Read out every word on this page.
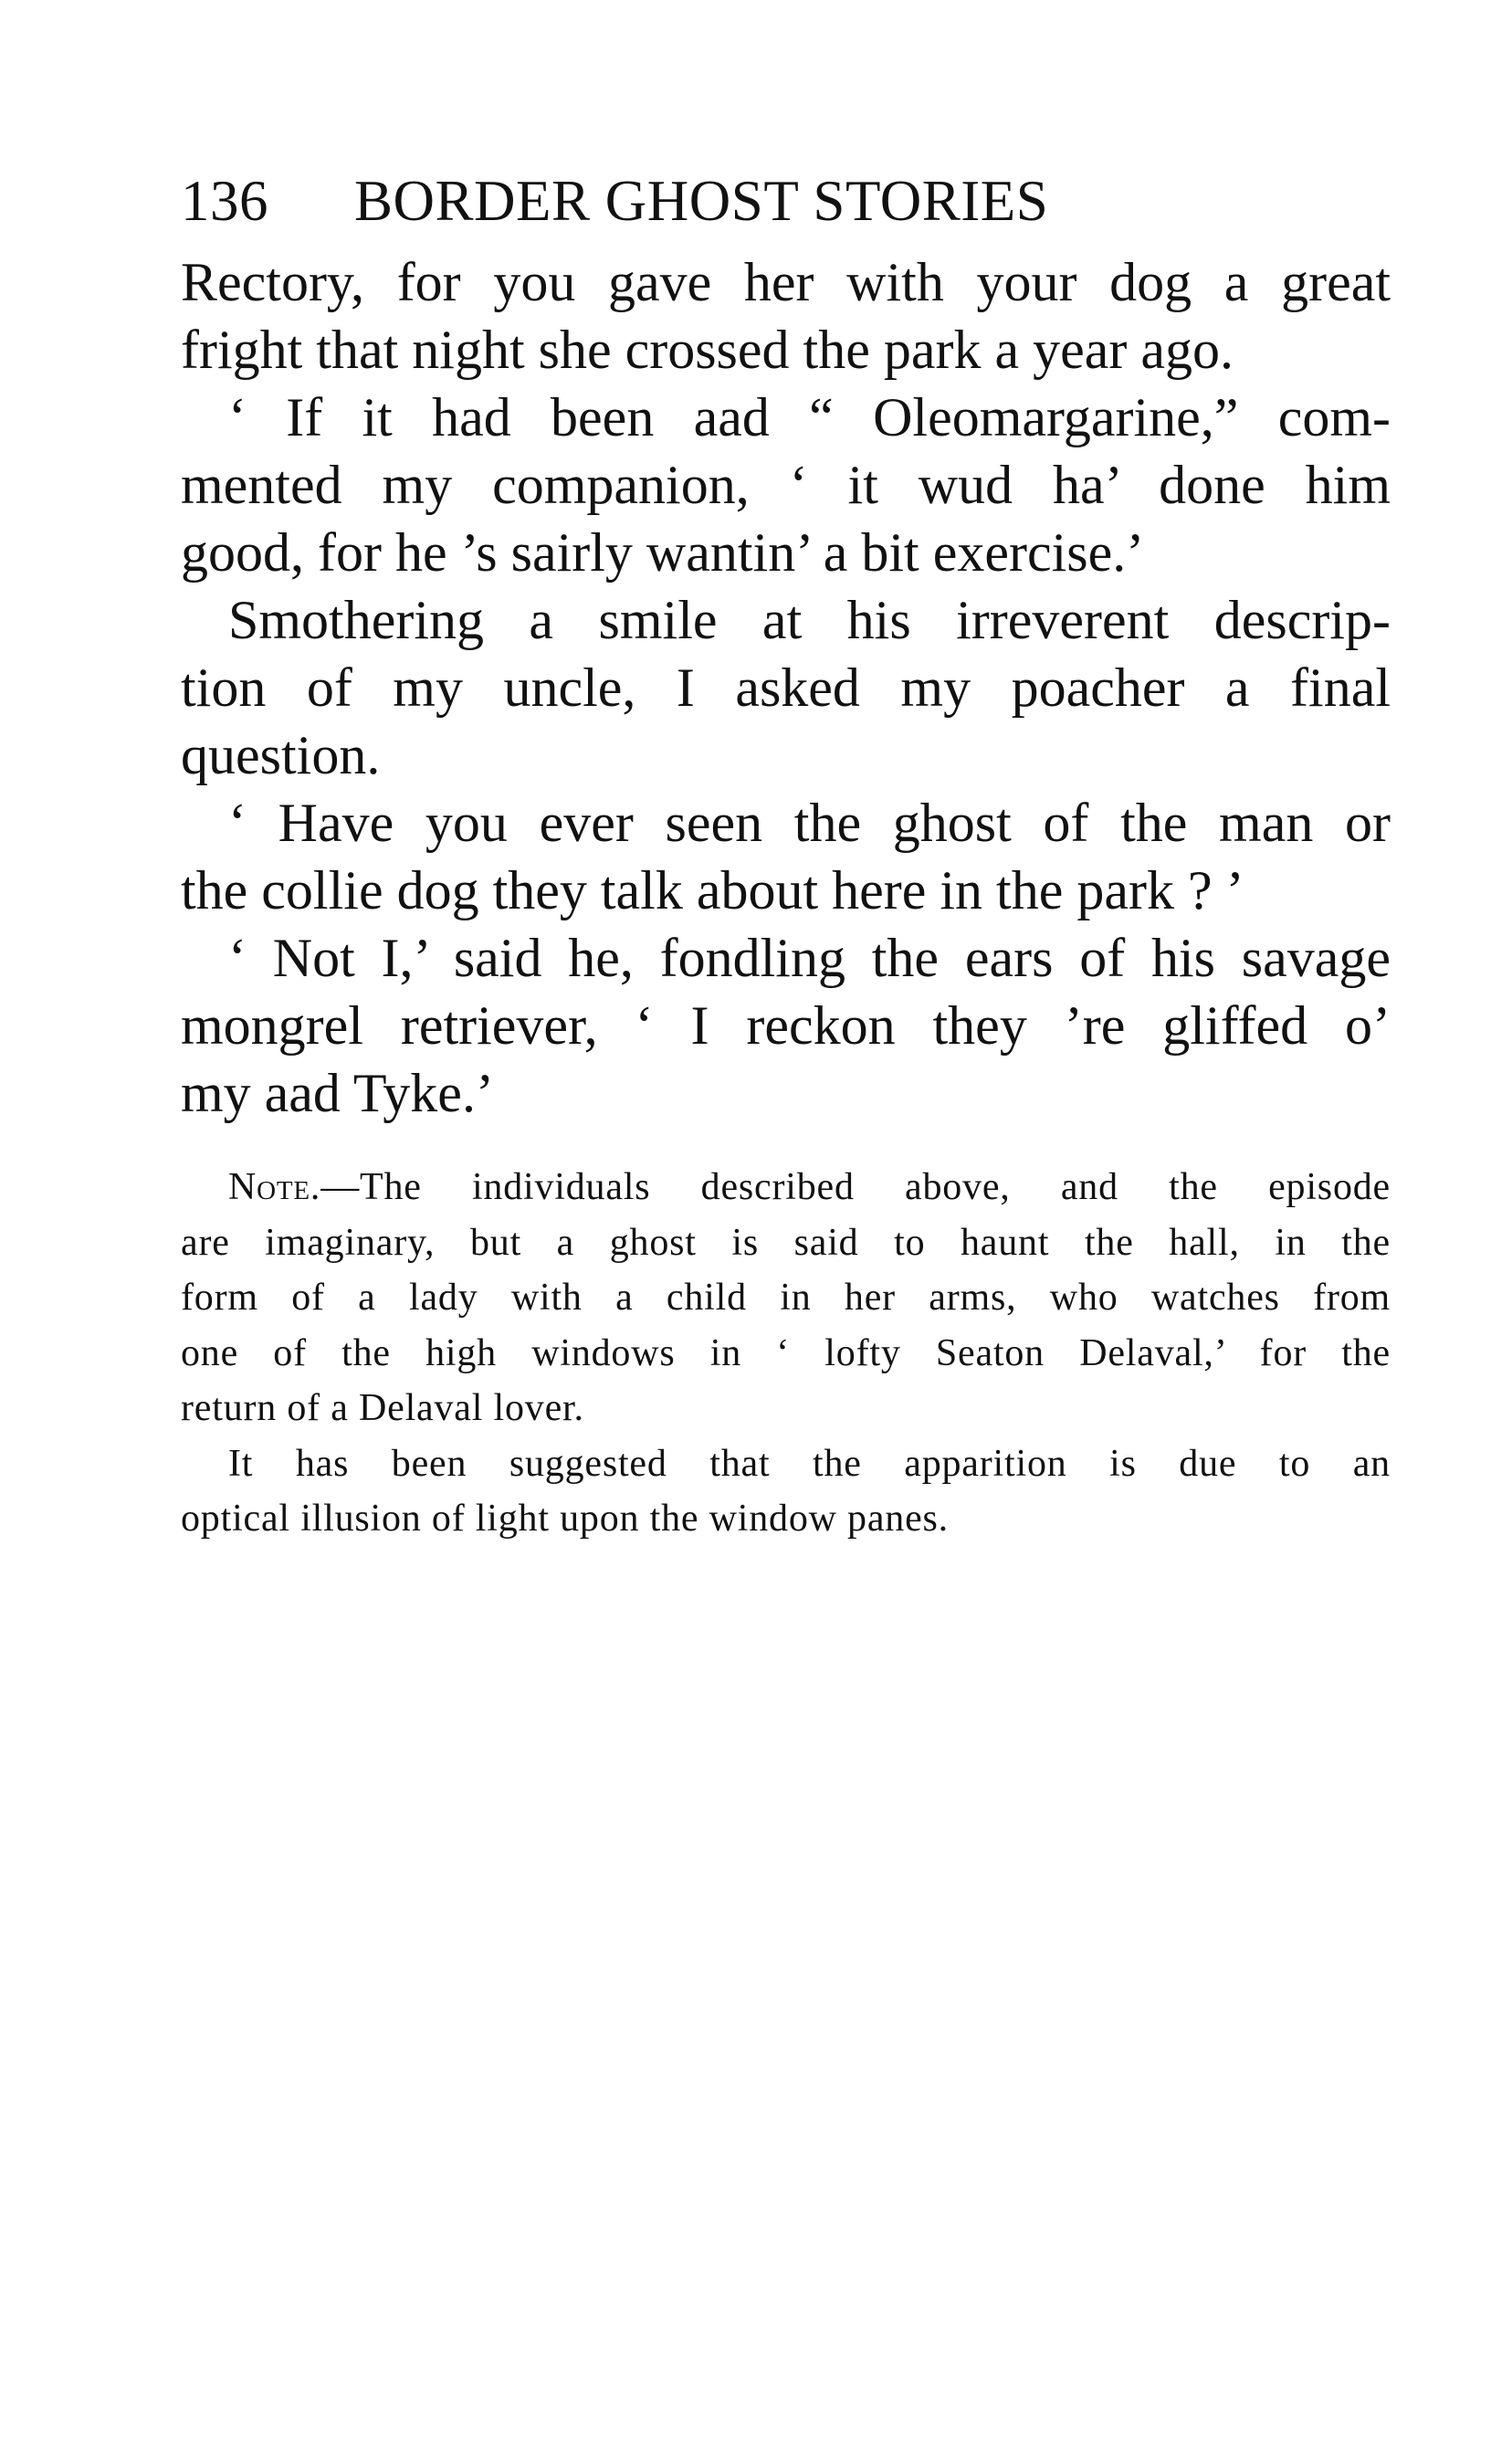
136 BORDER GHOST STORIES
Rectory, for you gave her with your dog a great
fright that night she crossed the park a year ago.
‘ If it had been aad “ Oleomargarine,” com-
mented my companion, ‘ it wud ha’ done him
good, for he ’s sairly wantin’ a bit exercise.’
Smothering a smile at his irreverent descrip-
tion of my uncle, I asked my poacher a final
question.
‘ Have you ever seen the ghost of the man or
the collie dog they talk about here in the park ? ’
‘ Not I,’ said he, fondling the ears of his savage
mongrel retriever, ‘ I reckon they ’re gliffed o’
my aad Tyke.’
Note.—The individuals described above, and the episode
are imaginary, but a ghost is said to haunt the hall, in the
form of a lady with a child in her arms, who watches from
one of the high windows in ‘ lofty Seaton Delaval,’ for the
return of a Delaval lover.
It has been suggested that the apparition is due to an
optical illusion of light upon the window panes.
